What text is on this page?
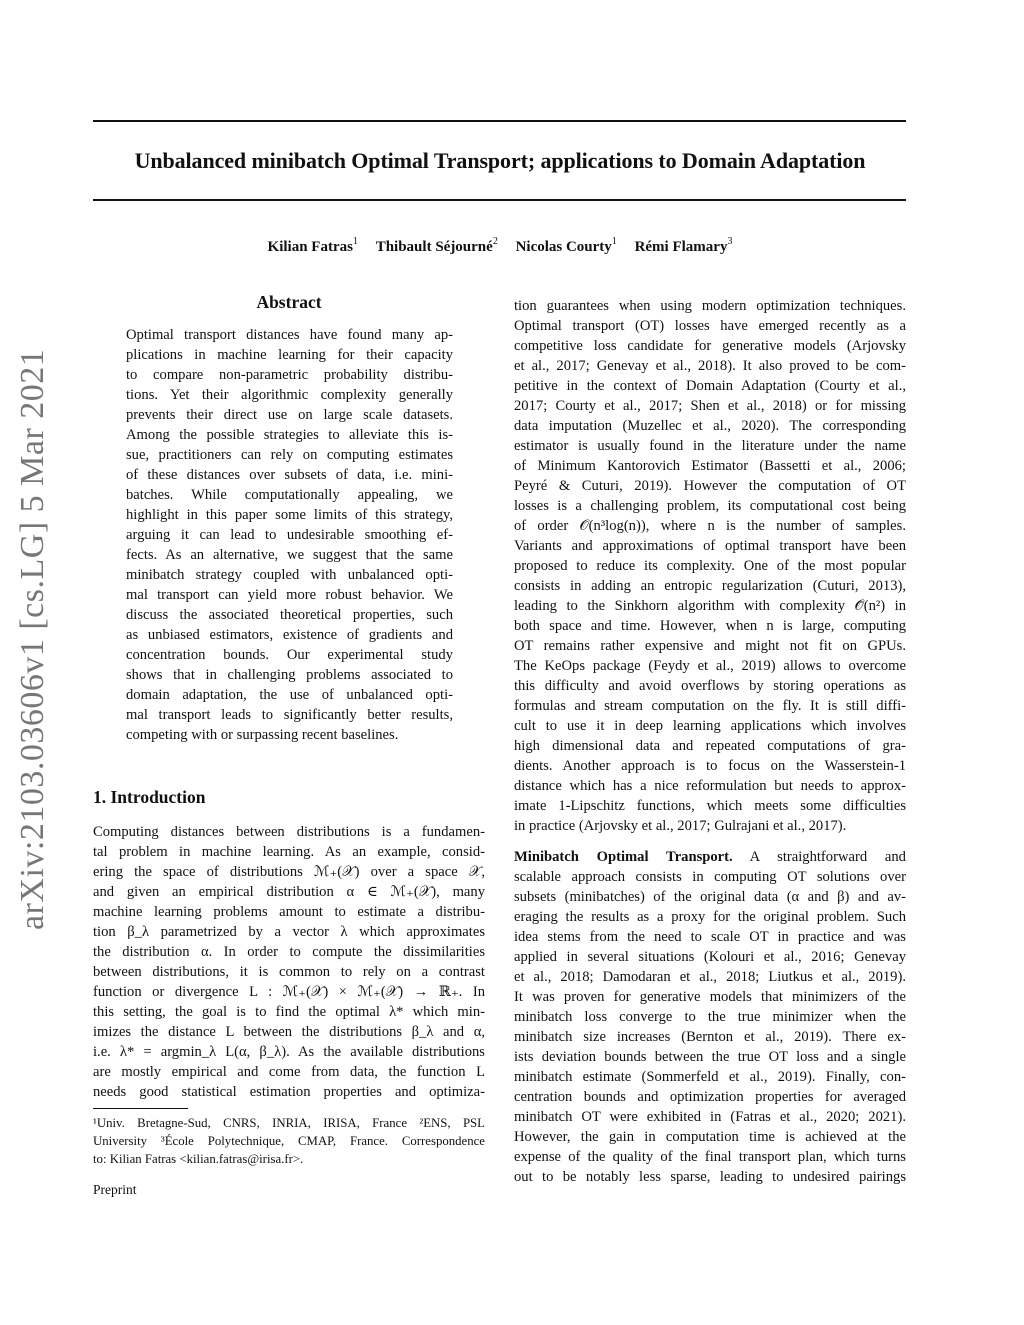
arXiv:2103.03606v1 [cs.LG] 5 Mar 2021
Unbalanced minibatch Optimal Transport; applications to Domain Adaptation
Kilian Fatras$^1$ Thibault Séjourné$^2$ Nicolas Courty$^1$ Rémi Flamary$^3$
Abstract
Optimal transport distances have found many ap-
plications in machine learning for their capacity
to compare non-parametric probability distribu-
tions. Yet their algorithmic complexity generally
prevents their direct use on large scale datasets.
Among the possible strategies to alleviate this is-
sue, practitioners can rely on computing estimates
of these distances over subsets of data, i.e. mini-
batches. While computationally appealing, we
highlight in this paper some limits of this strategy,
arguing it can lead to undesirable smoothing ef-
fects. As an alternative, we suggest that the same
minibatch strategy coupled with unbalanced opti-
mal transport can yield more robust behavior. We
discuss the associated theoretical properties, such
as unbiased estimators, existence of gradients and
concentration bounds. Our experimental study
shows that in challenging problems associated to
domain adaptation, the use of unbalanced opti-
mal transport leads to significantly better results,
competing with or surpassing recent baselines.
1. Introduction
Computing distances between distributions is a fundamen-
tal problem in machine learning. As an example, consid-
ering the space of distributions ℳ₊(𝒳) over a space 𝒳,
and given an empirical distribution α ∈ ℳ₊(𝒳), many
machine learning problems amount to estimate a distribu-
tion β_λ parametrized by a vector λ which approximates
the distribution α. In order to compute the dissimilarities
between distributions, it is common to rely on a contrast
function or divergence L : ℳ₊(𝒳) × ℳ₊(𝒳) → ℝ₊. In
this setting, the goal is to find the optimal λ* which min-
imizes the distance L between the distributions β_λ and α,
i.e. λ* = argmin_λ L(α, β_λ). As the available distributions
are mostly empirical and come from data, the function L
needs good statistical estimation properties and optimiza-
¹Univ. Bretagne-Sud, CNRS, INRIA, IRISA, France ²ENS, PSL
University ³École Polytechnique, CMAP, France. Correspondence
to: Kilian Fatras <kilian.fatras@irisa.fr>.
Preprint
tion guarantees when using modern optimization techniques.
Optimal transport (OT) losses have emerged recently as a
competitive loss candidate for generative models (Arjovsky
et al., 2017; Genevay et al., 2018). It also proved to be com-
petitive in the context of Domain Adaptation (Courty et al.,
2017; Courty et al., 2017; Shen et al., 2018) or for missing
data imputation (Muzellec et al., 2020). The corresponding
estimator is usually found in the literature under the name
of Minimum Kantorovich Estimator (Bassetti et al., 2006;
Peyré & Cuturi, 2019). However the computation of OT
losses is a challenging problem, its computational cost being
of order 𝒪(n³log(n)), where n is the number of samples.
Variants and approximations of optimal transport have been
proposed to reduce its complexity. One of the most popular
consists in adding an entropic regularization (Cuturi, 2013),
leading to the Sinkhorn algorithm with complexity 𝒪̃(n²) in
both space and time. However, when n is large, computing
OT remains rather expensive and might not fit on GPUs.
The KeOps package (Feydy et al., 2019) allows to overcome
this difficulty and avoid overflows by storing operations as
formulas and stream computation on the fly. It is still diffi-
cult to use it in deep learning applications which involves
high dimensional data and repeated computations of gra-
dients. Another approach is to focus on the Wasserstein-1
distance which has a nice reformulation but needs to approx-
imate 1-Lipschitz functions, which meets some difficulties
in practice (Arjovsky et al., 2017; Gulrajani et al., 2017).
Minibatch Optimal Transport. A straightforward and
scalable approach consists in computing OT solutions over
subsets (minibatches) of the original data (α and β) and av-
eraging the results as a proxy for the original problem. Such
idea stems from the need to scale OT in practice and was
applied in several situations (Kolouri et al., 2016; Genevay
et al., 2018; Damodaran et al., 2018; Liutkus et al., 2019).
It was proven for generative models that minimizers of the
minibatch loss converge to the true minimizer when the
minibatch size increases (Bernton et al., 2019). There ex-
ists deviation bounds between the true OT loss and a single
minibatch estimate (Sommerfeld et al., 2019). Finally, con-
centration bounds and optimization properties for averaged
minibatch OT were exhibited in (Fatras et al., 2020; 2021).
However, the gain in computation time is achieved at the
expense of the quality of the final transport plan, which turns
out to be notably less sparse, leading to undesired pairings
